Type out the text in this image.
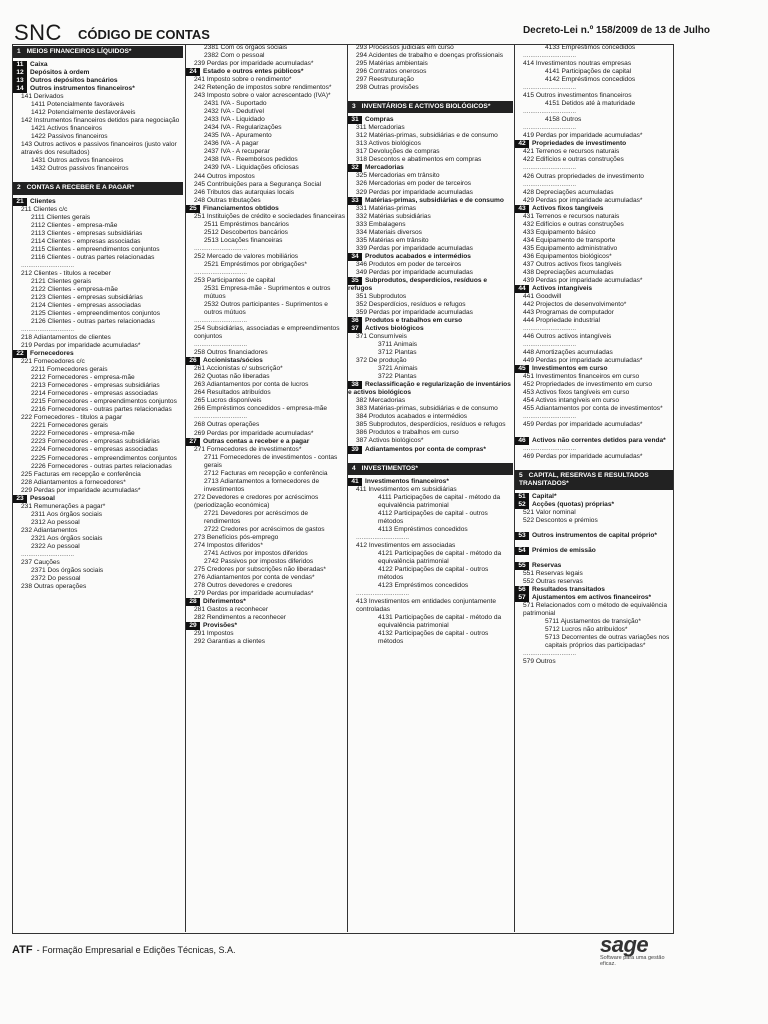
SNC CÓDIGO DE CONTAS	Decreto-Lei n.º 158/2009 de 13 de Julho
1 MEIOS FINANCEIROS LÍQUIDOS*
11 Caixa
12 Depósitos à ordem
13 Outros depósitos bancários
14 Outros instrumentos financeiros*
141 Derivados
1411 Potencialmente favoráveis
1412 Potencialmente desfavoráveis
142 Instrumentos financeiros detidos para negociação
1421 Activos financeiros
1422 Passivos financeiros
143 Outros activos e passivos financeiros (justo valor através dos resultados)
1431 Outros activos financeiros
1432 Outros passivos financeiros
2 CONTAS A RECEBER E A PAGAR*
21 Clientes
211 Clientes c/c
2111 Clientes gerais
2112 Clientes - empresa-mãe
2113 Clientes - empresas subsidiárias
2114 Clientes - empresas associadas
2115 Clientes - empreendimentos conjuntos
2116 Clientes - outras partes relacionadas
.............................
212 Clientes - títulos a receber
2121 Clientes gerais
2122 Clientes - empresa-mãe
2123 Clientes - empresas subsidiárias
2124 Clientes - empresas associadas
2125 Clientes - empreendimentos conjuntos
2126 Clientes - outras partes relacionadas
.............................
218 Adiantamentos de clientes
219 Perdas por imparidade acumuladas*
22 Fornecedores
221 Fornecedores c/c
2211 Fornecedores gerais
2212 Fornecedores - empresa-mãe
2213 Fornecedores - empresas subsidiárias
2214 Fornecedores - empresas associadas
2215 Fornecedores - empreendimentos conjuntos
2216 Fornecedores - outras partes relacionadas
222 Fornecedores - títulos a pagar
2221 Fornecedores gerais
2222 Fornecedores - empresa-mãe
2223 Fornecedores - empresas subsidiárias
2224 Fornecedores - empresas associadas
2225 Fornecedores - empreendimentos conjuntos
2226 Fornecedores - outras partes relacionadas
225 Facturas em recepção e conferência
228 Adiantamentos a fornecedores*
229 Perdas por imparidade acumuladas*
23 Pessoal
231 Remunerações a pagar*
2311 Aos órgãos sociais
2312 Ao pessoal
232 Adiantamentos
2321 Aos órgãos sociais
2322 Ao pessoal
.............................
237 Cauções
2371 Dos órgãos sociais
2372 Do pessoal
238 Outras operações
2381 Com os órgãos sociais
2382 Com o pessoal
239 Perdas por imparidade acumuladas*
24 Estado e outros entes públicos*
241 Imposto sobre o rendimento*
242 Retenção de impostos sobre rendimentos*
243 Imposto sobre o valor acrescentado (IVA)*
2431 IVA - Suportado
2432 IVA - Dedutível
2433 IVA - Liquidado
2434 IVA - Regularizações
2435 IVA - Apuramento
2436 IVA - A pagar
2437 IVA - A recuperar
2438 IVA - Reembolsos pedidos
2439 IVA - Liquidações oficiosas
244 Outros impostos
245 Contribuições para a Segurança Social
246 Tributos das autarquias locais
248 Outras tributações
25 Financiamentos obtidos
251 Instituições de crédito e sociedades financeiras
2511 Empréstimos bancários
2512 Descobertos bancários
2513 Locações financeiras
.............................
252 Mercado de valores mobiliários
2521 Empréstimos por obrigações*
.............................
253 Participantes de capital
2531 Empresa-mãe - Suprimentos e outros mútuos
2532 Outros participantes - Suprimentos e outros mútuos
.............................
254 Subsidiárias, associadas e empreendimentos conjuntos
.............................
258 Outros financiadores
26 Accionistas/sócios
261 Accionistas c/ subscrição*
262 Quotas não liberadas
263 Adiantamentos por conta de lucros
264 Resultados atribuídos
265 Lucros disponíveis
266 Empréstimos concedidos - empresa-mãe
.............................
268 Outras operações
269 Perdas por imparidade acumuladas*
27 Outras contas a receber e a pagar
271 Fornecedores de investimentos*
2711 Fornecedores de investimentos - contas gerais
2712 Facturas em recepção e conferência
2713 Adiantamentos a fornecedores de investimentos
272 Devedores e credores por acréscimos (periodização económica)
2721 Devedores por acréscimos de rendimentos
2722 Credores por acréscimos de gastos
273 Benefícios pós-emprego
274 Impostos diferidos*
2741 Activos por impostos diferidos
2742 Passivos por impostos diferidos
275 Credores por subscrições não liberadas*
276 Adiantamentos por conta de vendas*
278 Outros devedores e credores
279 Perdas por imparidade acumuladas*
28 Diferimentos*
281 Gastos a reconhecer
282 Rendimentos a reconhecer
29 Provisões*
291 Impostos
292 Garantias a clientes
293 Processos judiciais em curso
294 Acidentes de trabalho e doenças profissionais
295 Matérias ambientais
296 Contratos onerosos
297 Reestruturação
298 Outras provisões
3 INVENTÁRIOS E ACTIVOS BIOLÓGICOS*
31 Compras
311 Mercadorias
312 Matérias-primas, subsidiárias e de consumo
313 Activos biológicos
317 Devoluções de compras
318 Descontos e abatimentos em compras
32 Mercadorias
325 Mercadorias em trânsito
326 Mercadorias em poder de terceiros
329 Perdas por imparidade acumuladas
33 Matérias-primas, subsidiárias e de consumo
331 Matérias-primas
332 Matérias subsidiárias
333 Embalagens
334 Materiais diversos
335 Matérias em trânsito
339 Perdas por imparidade acumuladas
34 Produtos acabados e intermédios
346 Produtos em poder de terceiros
349 Perdas por imparidade acumuladas
35 Subprodutos, desperdícios, resíduos e refugos
351 Subprodutos
352 Desperdícios, resíduos e refugos
359 Perdas por imparidade acumuladas
36 Produtos e trabalhos em curso
37 Activos biológicos
371 Consumíveis
3711 Animais
3712 Plantas
372 De produção
3721 Animais
3722 Plantas
38 Reclassificação e regularização de inventários e activos biológicos
382 Mercadorias
383 Matérias-primas, subsidiárias e de consumo
384 Produtos acabados e intermédios
385 Subprodutos, desperdícios, resíduos e refugos
386 Produtos e trabalhos em curso
387 Activos biológicos*
39 Adiantamentos por conta de compras*
4 INVESTIMENTOS*
41 Investimentos financeiros*
411 Investimentos em subsidiárias
4111 Participações de capital - método da equivalência patrimonial
4112 Participações de capital - outros métodos
4113 Empréstimos concedidos
.............................
412 Investimentos em associadas
4121 Participações de capital - método da equivalência patrimonial
4122 Participações de capital - outros métodos
4123 Empréstimos concedidos
.............................
413 Investimentos em entidades conjuntamente controladas
4131 Participações de capital - método da equivalência patrimonial
4132 Participações de capital - outros métodos
4133 Empréstimos concedidos
.............................
414 Investimentos noutras empresas
4141 Participações de capital
4142 Empréstimos concedidos
.............................
415 Outros investimentos financeiros
4151 Detidos até à maturidade
.............................
4158 Outros
.............................
419 Perdas por imparidade acumuladas*
42 Propriedades de investimento
421 Terrenos e recursos naturais
422 Edifícios e outras construções
.............................
426 Outras propriedades de investimento
.............................
428 Depreciações acumuladas
429 Perdas por imparidade acumuladas*
43 Activos fixos tangíveis
431 Terrenos e recursos naturais
432 Edifícios e outras construções
433 Equipamento básico
434 Equipamento de transporte
435 Equipamento administrativo
436 Equipamentos biológicos*
437 Outros activos fixos tangíveis
438 Depreciações acumuladas
439 Perdas por imparidade acumuladas*
44 Activos intangíveis
441 Goodwill
442 Projectos de desenvolvimento*
443 Programas de computador
444 Propriedade industrial
.............................
446 Outros activos intangíveis
.............................
448 Amortizações acumuladas
449 Perdas por imparidade acumuladas*
45 Investimentos em curso
451 Investimentos financeiros em curso
452 Propriedades de investimento em curso
453 Activos fixos tangíveis em curso
454 Activos intangíveis em curso
455 Adiantamentos por conta de investimentos*
.............................
459 Perdas por imparidade acumuladas*
46 Activos não correntes detidos para venda*
.............................
469 Perdas por imparidade acumuladas*
5 CAPITAL, RESERVAS E RESULTADOS TRANSITADOS*
51 Capital*
52 Acções (quotas) próprias*
521 Valor nominal
522 Descontos e prémios
53 Outros instrumentos de capital próprio*
54 Prémios de emissão
55 Reservas
551 Reservas legais
552 Outras reservas
56 Resultados transitados
57 Ajustamentos em activos financeiros*
571 Relacionados com o método de equivalência patrimonial
5711 Ajustamentos de transição*
5712 Lucros não atribuídos*
5713 Decorrentes de outras variações nos capitais próprios das participadas*
.............................
579 Outros
ATF - Formação Empresarial e Edições Técnicas, S.A.	sage
Software para uma gestão eficaz.
